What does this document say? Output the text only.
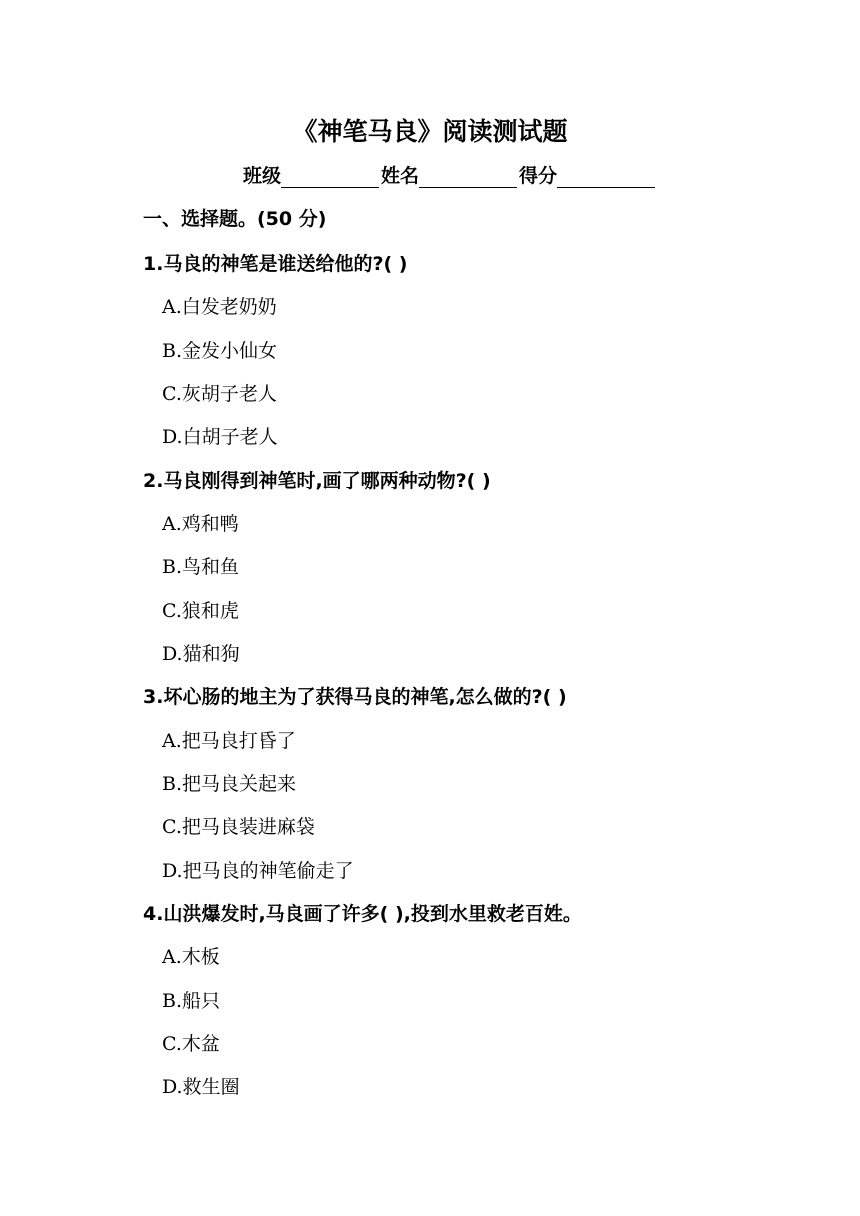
《神笔马良》阅读测试题
班级	姓名	得分
一、选择题。(50 分)
1.马良的神笔是谁送给他的?( )
A.白发老奶奶
B.金发小仙女
C.灰胡子老人
D.白胡子老人
2.马良刚得到神笔时,画了哪两种动物?( )
A.鸡和鸭
B.鸟和鱼
C.狼和虎
D.猫和狗
3.坏心肠的地主为了获得马良的神笔,怎么做的?( )
A.把马良打昏了
B.把马良关起来
C.把马良装进麻袋
D.把马良的神笔偷走了
4.山洪爆发时,马良画了许多( ),投到水里救老百姓。
A.木板
B.船只
C.木盆
D.救生圈
